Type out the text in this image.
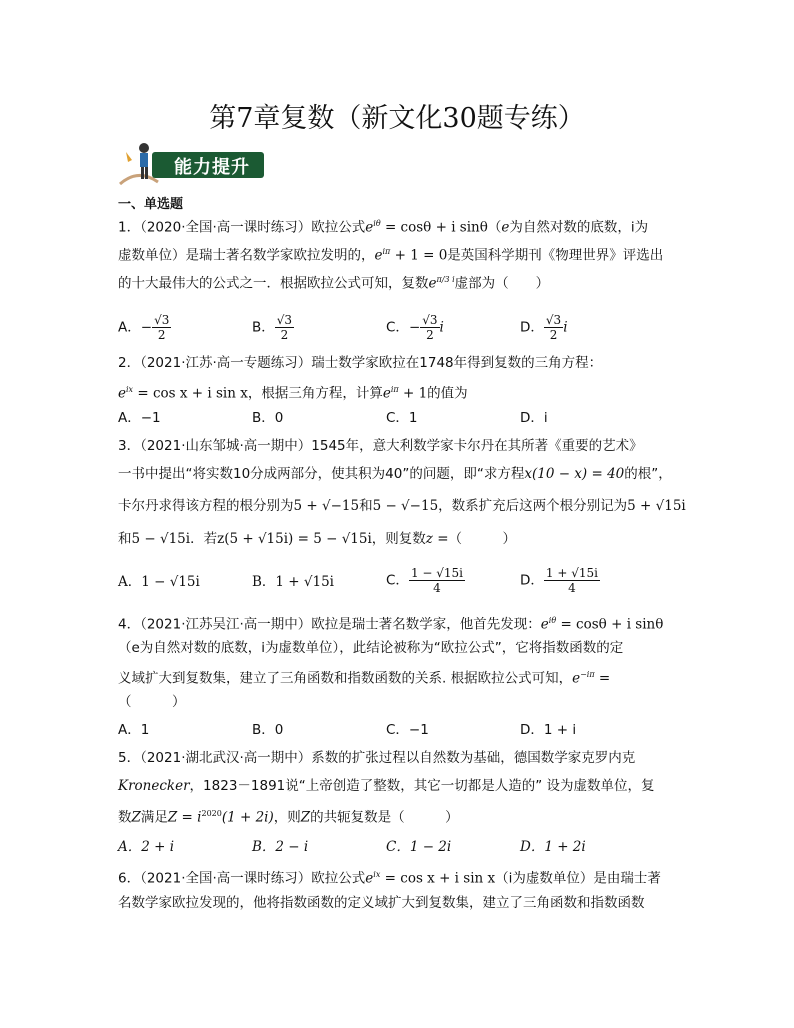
第7章复数（新文化30题专练）
能力提升
一、单选题
1．（2020·全国·高一课时练习）欧拉公式$e^{i\theta} = \cos\theta + i$ sinθ（e为自然对数的底数，i为
虚数单位）是瑞士著名数学家欧拉发明的，$e^{i\pi} + 1 = 0$是英国科学期刊《物理世界》评选出
的十大最伟大的公式之一．根据欧拉公式可知，复数$e^{\pi/3 i}$虚部为（　　）
A．− $\frac{√3}{2}$	B． $\frac{√3}{2}$	C．− $\frac{√3}{2}$ i	D． $\frac{√3}{2}$ i
2．（2021·江苏·高一专题练习）瑞士数学家欧拉在1748年得到复数的三角方程：
$e^{ix} = \cos x + i$ sin x，根据三角方程，计算$e^{i\pi} + 1$的值为
A．−1	B．0	C．1	D．i
3．（2021·山东邹城·高一期中）1545年，意大利数学家卡尔丹在其所著《重要的艺术》
一书中提出“将实数10分成两部分，使其积为40”的问题，即“求方程x(10 − x) = 40的根”，
卡尔丹求得该方程的根分别为5 + √−15和5 − √−15，数系扩充后这两个根分别记为5 + √15i
和5 − √15i．若z(5 + √15i) = 5 − √15i，则复数z =（　　　）
A．1 − √15i	B．1 + √15i	C． $\frac{1 - √15i}{4}$	D． $\frac{1 + √15i}{4}$
4．（2021·江苏吴江·高一期中）欧拉是瑞士著名数学家，他首先发现：$e^{i\theta} = \cos\theta + i$ sinθ
（e为自然对数的底数，i为虚数单位），此结论被称为“欧拉公式”，它将指数函数的定
义域扩大到复数集，建立了三角函数和指数函数的关系. 根据欧拉公式可知，$e^{-i\pi}$ =
（　　　）
A．1	B．0	C．−1	D．1 + i
5．（2021·湖北武汉·高一期中）系数的扩张过程以自然数为基础，德国数学家克罗内克
Kronecker，1823－1891说“上帝创造了整数，其它一切都是人造的” 设为虚数单位，复
数Z满足$Z = i^{2020}(1 + 2i)$，则Z的共轭复数是（　　　）
A．2 + i	B．2 − i	C．1 − 2i	D．1 + 2i
6．（2021·全国·高一课时练习）欧拉公式$e^{ix} = \cos x + i$ sin x（i为虚数单位）是由瑞士著
名数学家欧拉发现的，他将指数函数的定义域扩大到复数集，建立了三角函数和指数函数
